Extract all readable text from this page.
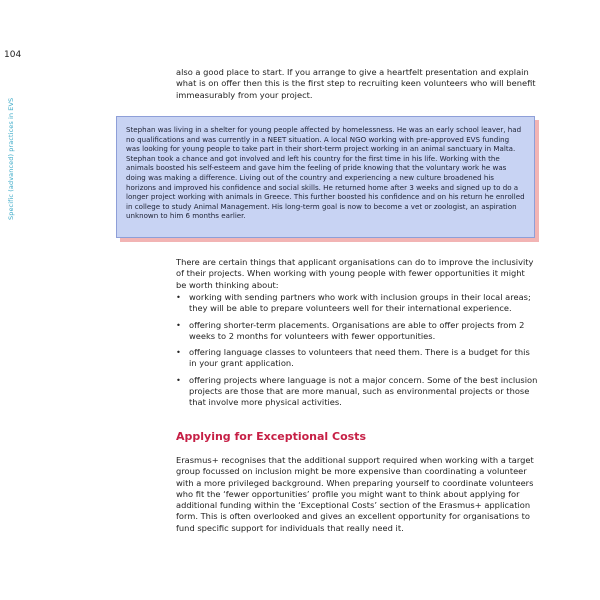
104
Specific (advanced) practices in EVS
also a good place to start. If you arrange to give a heartfelt presentation and explain what is on offer then this is the first step to recruiting keen volunteers who will benefit immeasurably from your project.
Stephan was living in a shelter for young people affected by homelessness. He was an early school leaver, had no qualifications and was currently in a NEET situation. A local NGO working with pre-approved EVS funding was looking for young people to take part in their short-term project working in an animal sanctuary in Malta. Stephan took a chance and got involved and left his country for the first time in his life. Working with the animals boosted his self-esteem and gave him the feeling of pride knowing that the voluntary work he was doing was making a difference. Living out of the country and experiencing a new culture broadened his horizons and improved his confidence and social skills. He returned home after 3 weeks and signed up to do a longer project working with animals in Greece. This further boosted his confidence and on his return he enrolled in college to study Animal Management. His long-term goal is now to become a vet or zoologist, an aspiration unknown to him 6 months earlier.
There are certain things that applicant organisations can do to improve the inclusivity of their projects. When working with young people with fewer opportunities it might be worth thinking about:
• working with sending partners who work with inclusion groups in their local areas; they will be able to prepare volunteers well for their international experience.
• offering shorter-term placements. Organisations are able to offer projects from 2 weeks to 2 months for volunteers with fewer opportunities.
• offering language classes to volunteers that need them. There is a budget for this in your grant application.
• offering projects where language is not a major concern. Some of the best inclusion projects are those that are more manual, such as environmental projects or those that involve more physical activities.
Applying for Exceptional Costs
Erasmus+ recognises that the additional support required when working with a target group focussed on inclusion might be more expensive than coordinating a volunteer with a more privileged background. When preparing yourself to coordinate volunteers who fit the ‘fewer opportunities’ profile you might want to think about applying for additional funding within the ‘Exceptional Costs’ section of the Erasmus+ application form. This is often overlooked and gives an excellent opportunity for organisations to fund specific support for individuals that really need it.
